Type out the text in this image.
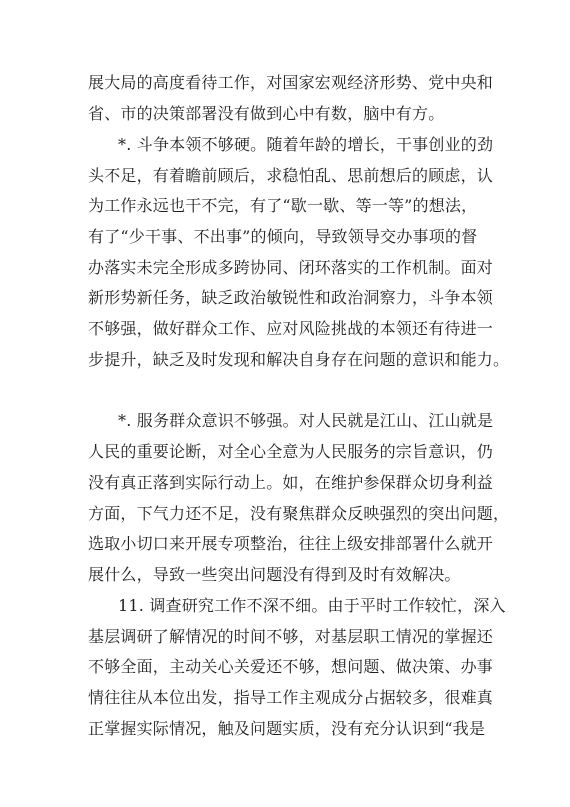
展大局的高度看待工作，对国家宏观经济形势、党中央和
省、市的决策部署没有做到心中有数，脑中有方。
*. 斗争本领不够硬。随着年龄的增长，干事创业的劲
头不足，有着瞻前顾后，求稳怕乱、思前想后的顾虑，认
为工作永远也干不完，有了“歇一歇、等一等”的想法，
有了“少干事、不出事”的倾向，导致领导交办事项的督
办落实未完全形成多跨协同、闭环落实的工作机制。面对
新形势新任务，缺乏政治敏锐性和政治洞察力，斗争本领
不够强，做好群众工作、应对风险挑战的本领还有待进一
步提升，缺乏及时发现和解决自身存在问题的意识和能力。
*. 服务群众意识不够强。对人民就是江山、江山就是
人民的重要论断，对全心全意为人民服务的宗旨意识，仍
没有真正落到实际行动上。如，在维护参保群众切身利益
方面，下气力还不足，没有聚焦群众反映强烈的突出问题，
选取小切口来开展专项整治，往往上级安排部署什么就开
展什么，导致一些突出问题没有得到及时有效解决。
11. 调查研究工作不深不细。由于平时工作较忙，深入
基层调研了解情况的时间不够，对基层职工情况的掌握还
不够全面，主动关心关爱还不够，想问题、做决策、办事
情往往从本位出发，指导工作主观成分占据较多，很难真
正掌握实际情况，触及问题实质，没有充分认识到“我是
